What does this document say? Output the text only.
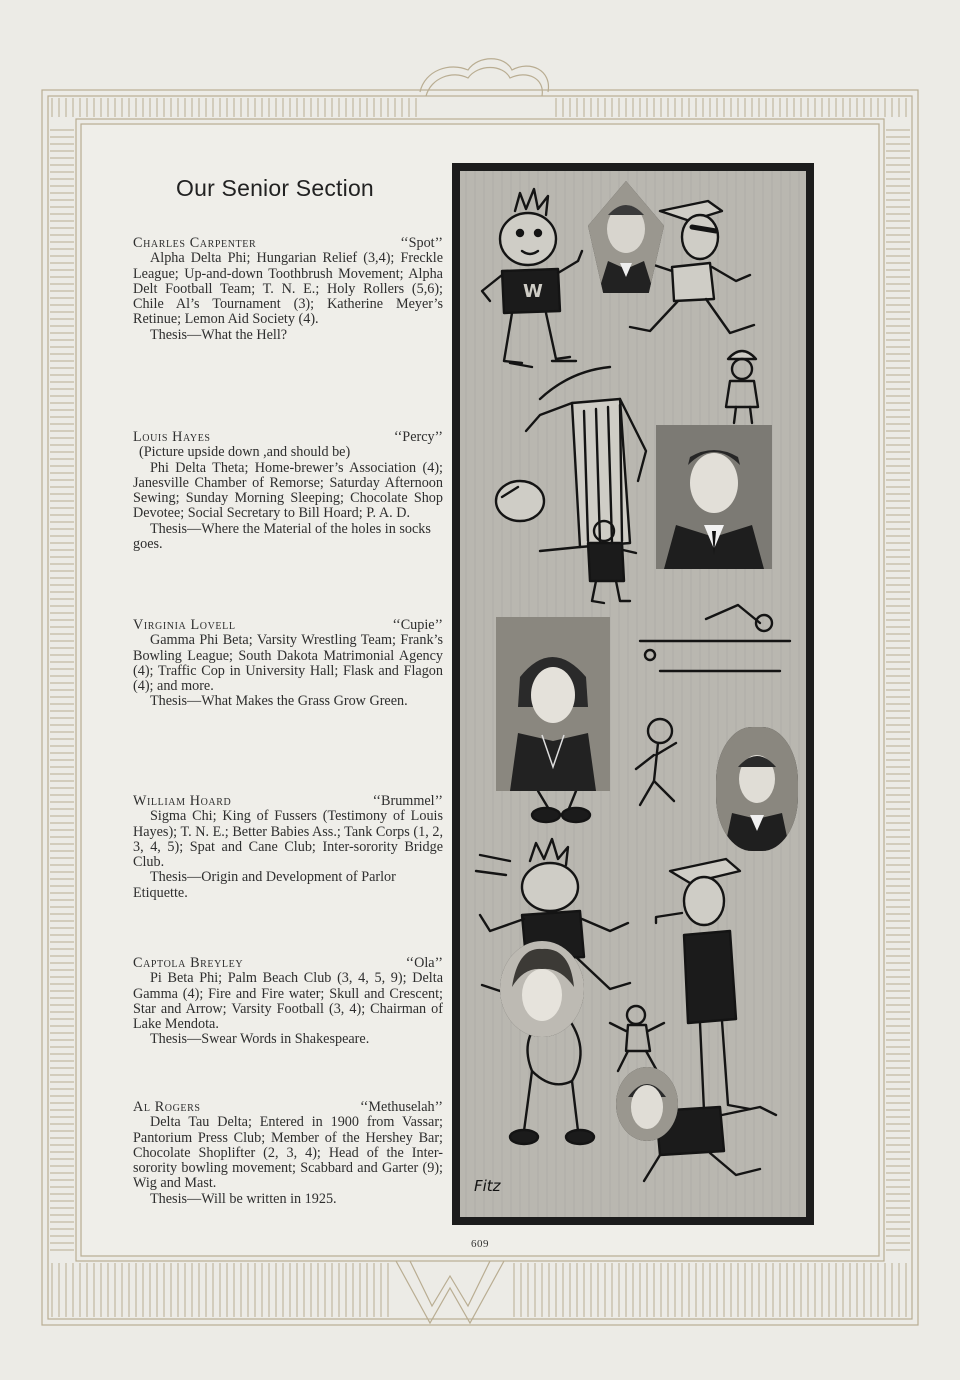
Our Senior Section
Charles Carpenter	‘‘Spot’’
Alpha Delta Phi; Hungarian Relief (3,4); Freckle League; Up-and-down Toothbrush Movement; Alpha Delt Football Team; T. N. E.; Holy Rollers (5,6); Chile Al’s Tournament (3); Katherine Meyer’s Retinue; Lemon Aid Society (4).
Thesis—What the Hell?
Louis Hayes	‘‘Percy’’
(Picture upside down ,and should be)
Phi Delta Theta; Home-brewer’s Association (4); Janesville Chamber of Remorse; Saturday Afternoon Sewing; Sunday Morning Sleeping; Chocolate Shop Devotee; Social Secretary to Bill Hoard; P. A. D.
Thesis—Where the Material of the holes in socks goes.
Virginia Lovell	‘‘Cupie’’
Gamma Phi Beta; Varsity Wrestling Team; Frank’s Bowling League; South Dakota Matrimonial Agency (4); Traffic Cop in University Hall; Flask and Flagon (4); and more.
Thesis—What Makes the Grass Grow Green.
William Hoard	‘‘Brummel’’
Sigma Chi; King of Fussers (Testimony of Louis Hayes); T. N. E.; Better Babies Ass.; Tank Corps (1, 2, 3, 4, 5); Spat and Cane Club; Inter-sorority Bridge Club.
Thesis—Origin and Development of Parlor Etiquette.
Captola Breyley	‘‘Ola’’
Pi Beta Phi; Palm Beach Club (3, 4, 5, 9); Delta Gamma (4); Fire and Fire water; Skull and Crescent; Star and Arrow; Varsity Football (3, 4); Chairman of Lake Mendota.
Thesis—Swear Words in Shakespeare.
Al Rogers	‘‘Methuselah’’
Delta Tau Delta; Entered in 1900 from Vassar; Pantorium Press Club; Member of the Hershey Bar; Chocolate Shoplifter (2, 3, 4); Head of the Inter-sorority bowling movement; Scabbard and Garter (9); Wig and Mast.
Thesis—Will be written in 1925.
Fitz
W
609
